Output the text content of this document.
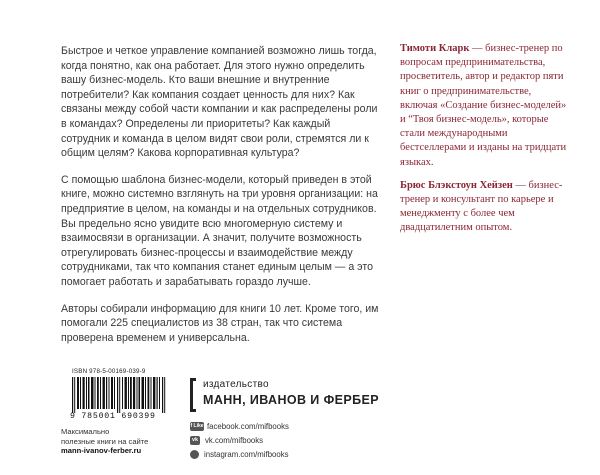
Быстрое и четкое управление компанией возможно лишь тогда, когда понятно, как она работает. Для этого нужно определить вашу бизнес-модель. Кто ваши внешние и внутренние потребители? Как компания создает ценность для них? Как связаны между собой части компании и как распределены роли в командах? Определены ли приоритеты? Как каждый сотрудник и команда в целом видят свои роли, стремятся ли к общим целям? Какова корпоративная культура?

С помощью шаблона бизнес-модели, который приведен в этой книге, можно системно взглянуть на три уровня организации: на предприятие в целом, на команды и на отдельных сотрудников. Вы предельно ясно увидите всю многомерную систему и взаимосвязи в организации. А значит, получите возможность отрегулировать бизнес-процессы и взаимодействие между сотрудниками, так что компания станет единым целым — а это помогает работать и зарабатывать гораздо лучше.

Авторы собирали информацию для книги 10 лет. Кроме того, им помогали 225 специалистов из 38 стран, так что система проверена временем и универсальна.

Тимоти Кларк — бизнес-тренер по вопросам предпринимательства, просветитель, автор и редактор пяти книг о предпринимательстве, включая «Создание бизнес-моделей» и “Твоя бизнес-модель», которые стали международными бестселлерами и изданы на тридцати языках.

Брюс Блэкстоун Хейзен — бизнес-тренер и консультант по карьере и менеджменту с более чем двадцатилетним опытом.

ISBN 978-5-00169-039-9
9 785001 690399
Максимально
полезные книги на сайте
mann-ivanov-ferber.ru
издательство
МАНН, ИВАНОВ И ФЕРБЕР
f Like facebook.com/mifbooks
vk vk.com/mifbooks
instagram.com/mifbooks
